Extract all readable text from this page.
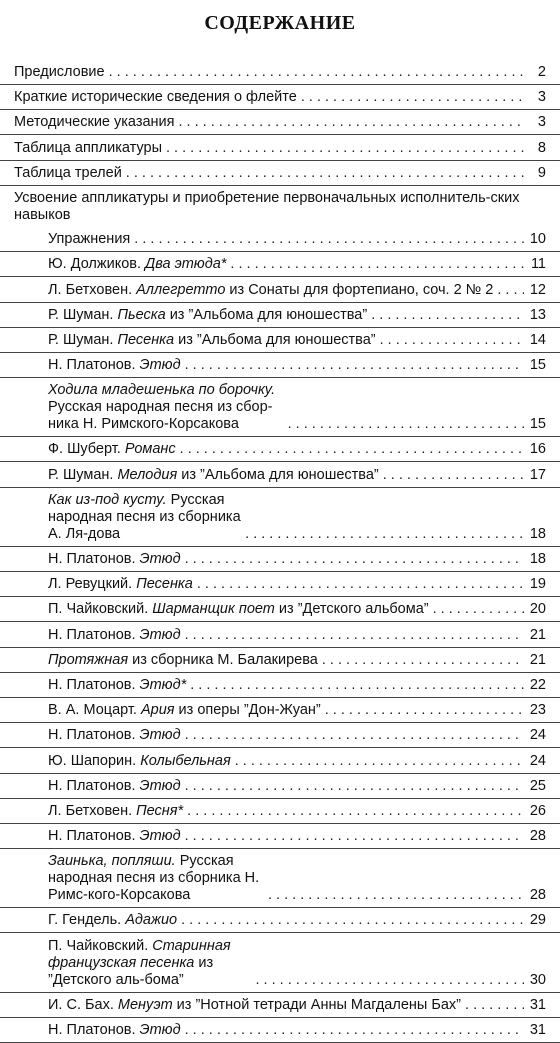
СОДЕРЖАНИЕ
Предисловие . . .	2
Краткие исторические сведения о флейте . . .	3
Методические указания . . .	3
Таблица аппликатуры . . .	8
Таблица трелей . . .	9
Усвоение аппликатуры и приобретение первоначальных исполнитель-ских навыков
Упражнения . . .	10
Ю. Должиков. Два этюда* . . .	11
Л. Бетховен. Аллегретто из Сонаты для фортепиано, соч. 2 № 2 . . .	12
Р. Шуман. Пьеска из ”Альбома для юношества” . . .	13
Р. Шуман. Песенка из ”Альбома для юношества” . . .	14
Н. Платонов. Этюд . . .	15
Ходила младешенька по борочку. Русская народная песня из сбор-ника Н. Римского-Корсакова . . .	15
Ф. Шуберт. Романс . . .	16
Р. Шуман. Мелодия из ”Альбома для юношества” . . .	17
Как из-под кусту. Русская народная песня из сборника А. Ля-дова . . .	18
Н. Платонов. Этюд . . .	18
Л. Ревуцкий. Песенка . . .	19
П. Чайковский. Шарманщик поет из ”Детского альбома” . . .	20
Н. Платонов. Этюд . . .	21
Протяжная из сборника М. Балакирева . . .	21
Н. Платонов. Этюд* . . .	22
В. А. Моцарт. Ария из оперы ”Дон-Жуан” . . .	23
Н. Платонов. Этюд . . .	24
Ю. Шапорин. Колыбельная . . .	24
Н. Платонов. Этюд . . .	25
Л. Бетховен. Песня* . . .	26
Н. Платонов. Этюд . . .	28
Заинька, попляши. Русская народная песня из сборника Н. Римс-кого-Корсакова . . .	28
Г. Гендель. Адажио . . .	29
П. Чайковский. Старинная французская песенка из ”Детского аль-бома” . . .	30
И. С. Бах. Менуэт из ”Нотной тетради Анны Магдалены Бах” . . .	31
Н. Платонов. Этюд . . .	31
